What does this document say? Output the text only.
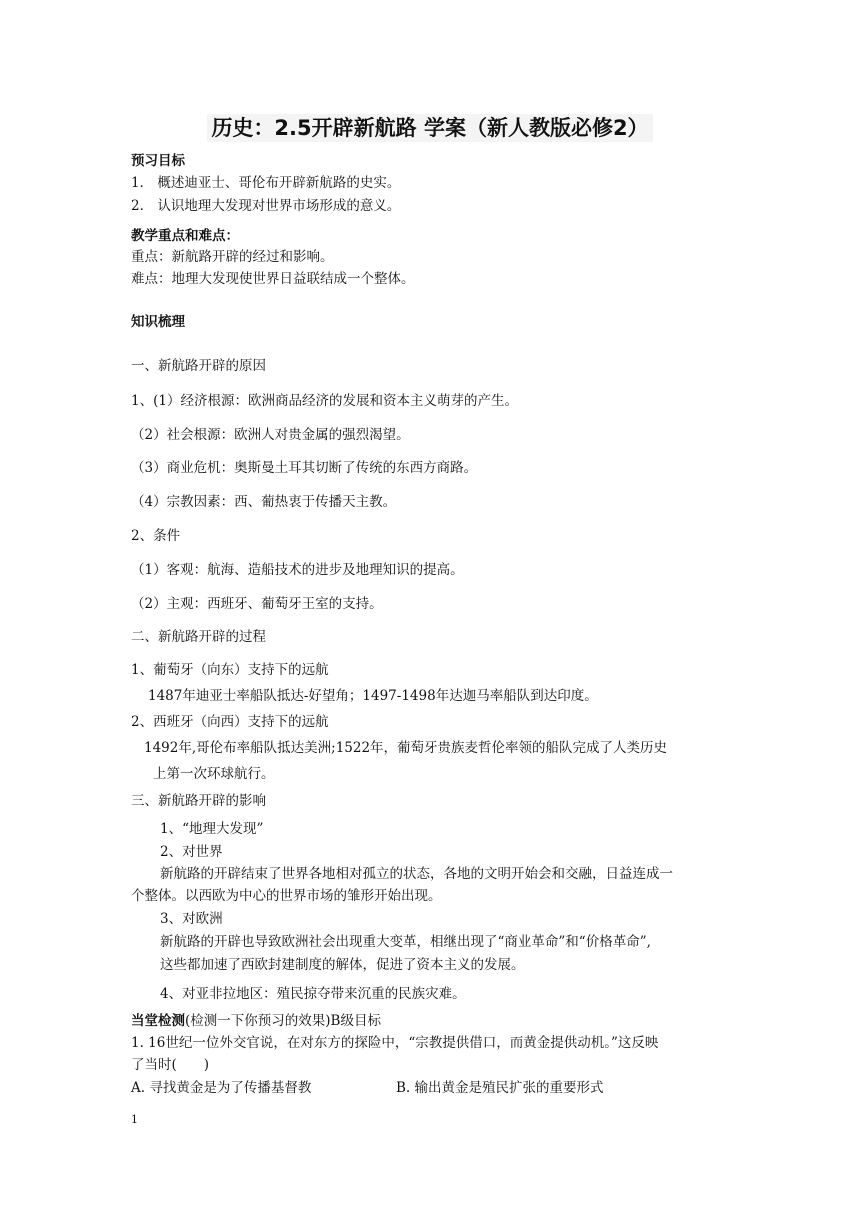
历史：2.5开辟新航路 学案（新人教版必修2）
预习目标
1． 概述迪亚士、哥伦布开辟新航路的史实。
2． 认识地理大发现对世界市场形成的意义。
教学重点和难点：
重点：新航路开辟的经过和影响。
难点：地理大发现使世界日益联结成一个整体。
知识梳理
一、新航路开辟的原因
1、(1）经济根源：欧洲商品经济的发展和资本主义萌芽的产生。
（2）社会根源：欧洲人对贵金属的强烈渴望。
（3）商业危机：奥斯曼土耳其切断了传统的东西方商路。
（4）宗教因素：西、葡热衷于传播天主教。
2、条件
（1）客观：航海、造船技术的进步及地理知识的提高。
（2）主观：西班牙、葡萄牙王室的支持。
二、新航路开辟的过程
1、葡萄牙（向东）支持下的远航
1487年迪亚士率船队抵达-好望角；1497-1498年达迦马率船队到达印度。
2、西班牙（向西）支持下的远航
1492年,哥伦布率船队抵达美洲;1522年，葡萄牙贵族麦哲伦率领的船队完成了人类历史
上第一次环球航行。
三、新航路开辟的影响
1、“地理大发现”
2、对世界
新航路的开辟结束了世界各地相对孤立的状态，各地的文明开始会和交融，日益连成一
个整体。以西欧为中心的世界市场的雏形开始出现。
3、对欧洲
新航路的开辟也导致欧洲社会出现重大变革，相继出现了“商业革命”和“价格革命”,
这些都加速了西欧封建制度的解体，促进了资本主义的发展。
4、对亚非拉地区：殖民掠夺带来沉重的民族灾难。
当堂检测(检测一下你预习的效果)B级目标
1. 16世纪一位外交官说，在对东方的探险中，“宗教提供借口，而黄金提供动机。”这反映
了当时(　　)
A. 寻找黄金是为了传播基督教	B. 输出黄金是殖民扩张的重要形式
1
